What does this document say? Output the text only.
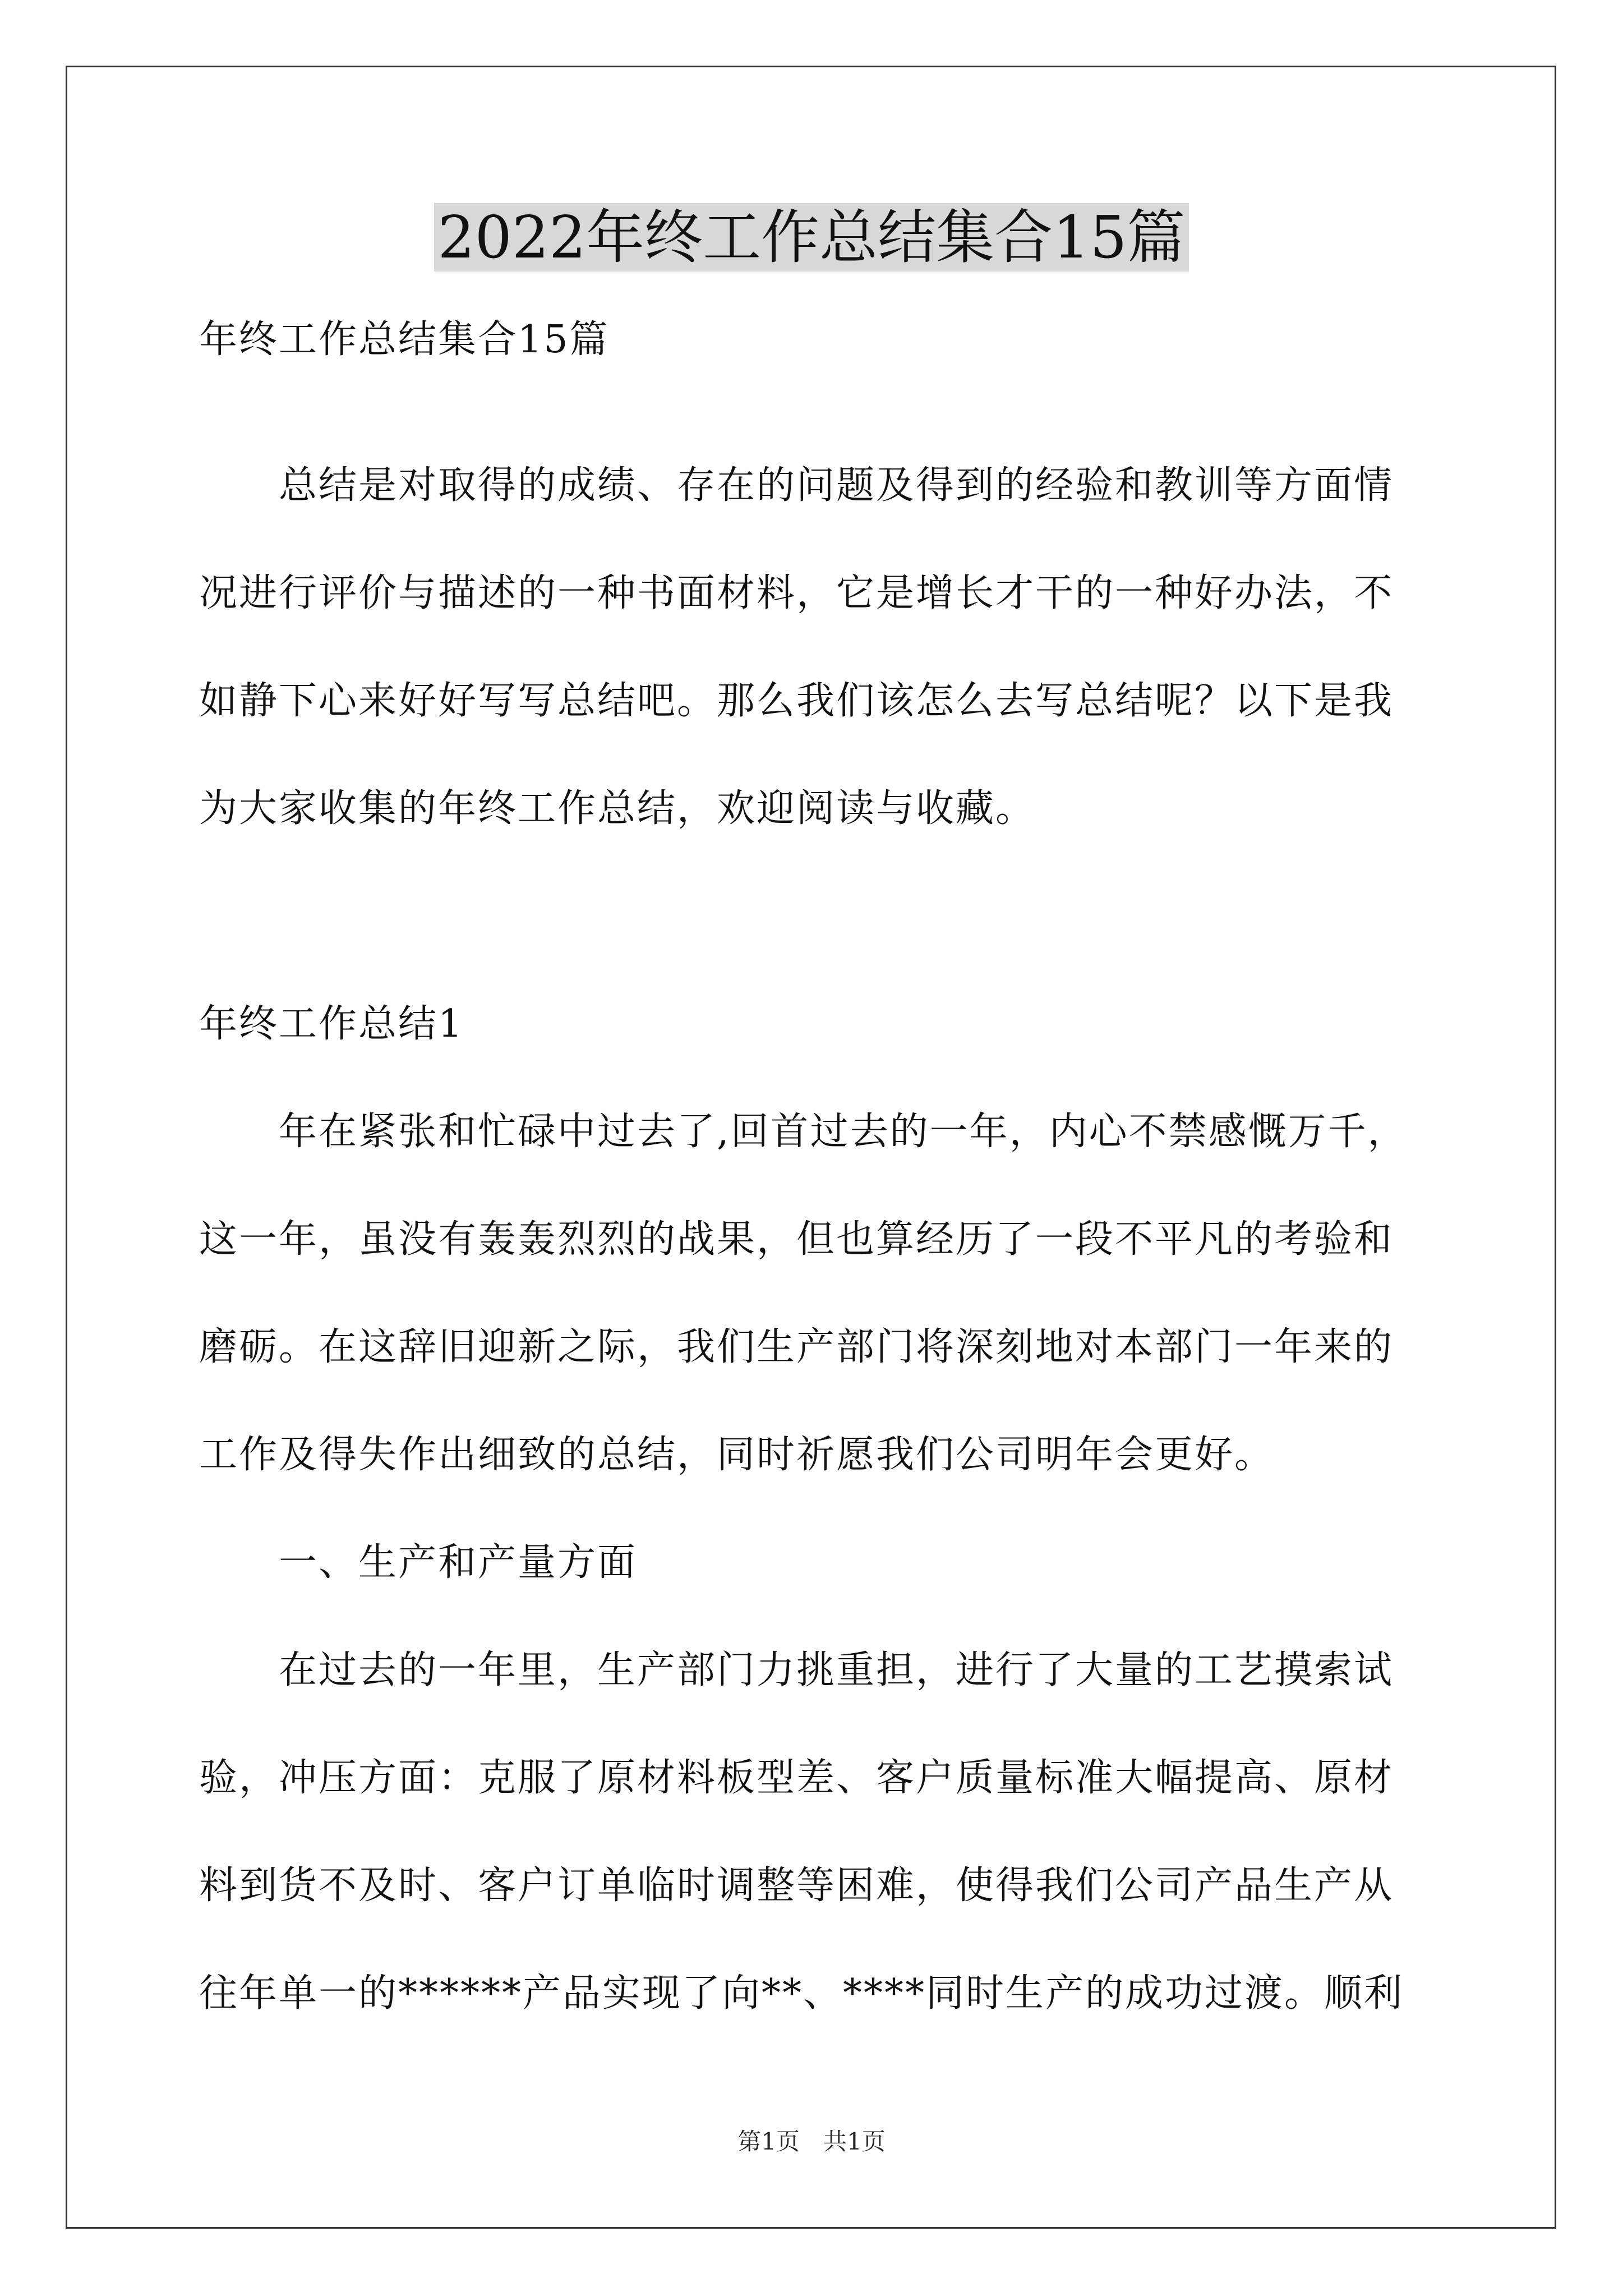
2022年终工作总结集合15篇
年终工作总结集合15篇
　　总结是对取得的成绩、存在的问题及得到的经验和教训等方面情
况进行评价与描述的一种书面材料，它是增长才干的一种好办法，不
如静下心来好好写写总结吧。那么我们该怎么去写总结呢？以下是我
为大家收集的年终工作总结，欢迎阅读与收藏。
年终工作总结1
　　年在紧张和忙碌中过去了,回首过去的一年，内心不禁感慨万千，
这一年，虽没有轰轰烈烈的战果，但也算经历了一段不平凡的考验和
磨砺。在这辞旧迎新之际，我们生产部门将深刻地对本部门一年来的
工作及得失作出细致的总结，同时祈愿我们公司明年会更好。
　　一、生产和产量方面
　　在过去的一年里，生产部门力挑重担，进行了大量的工艺摸索试
验，冲压方面：克服了原材料板型差、客户质量标准大幅提高、原材
料到货不及时、客户订单临时调整等困难，使得我们公司产品生产从
往年单一的******产品实现了向**、****同时生产的成功过渡。顺利
第1页　共1页
